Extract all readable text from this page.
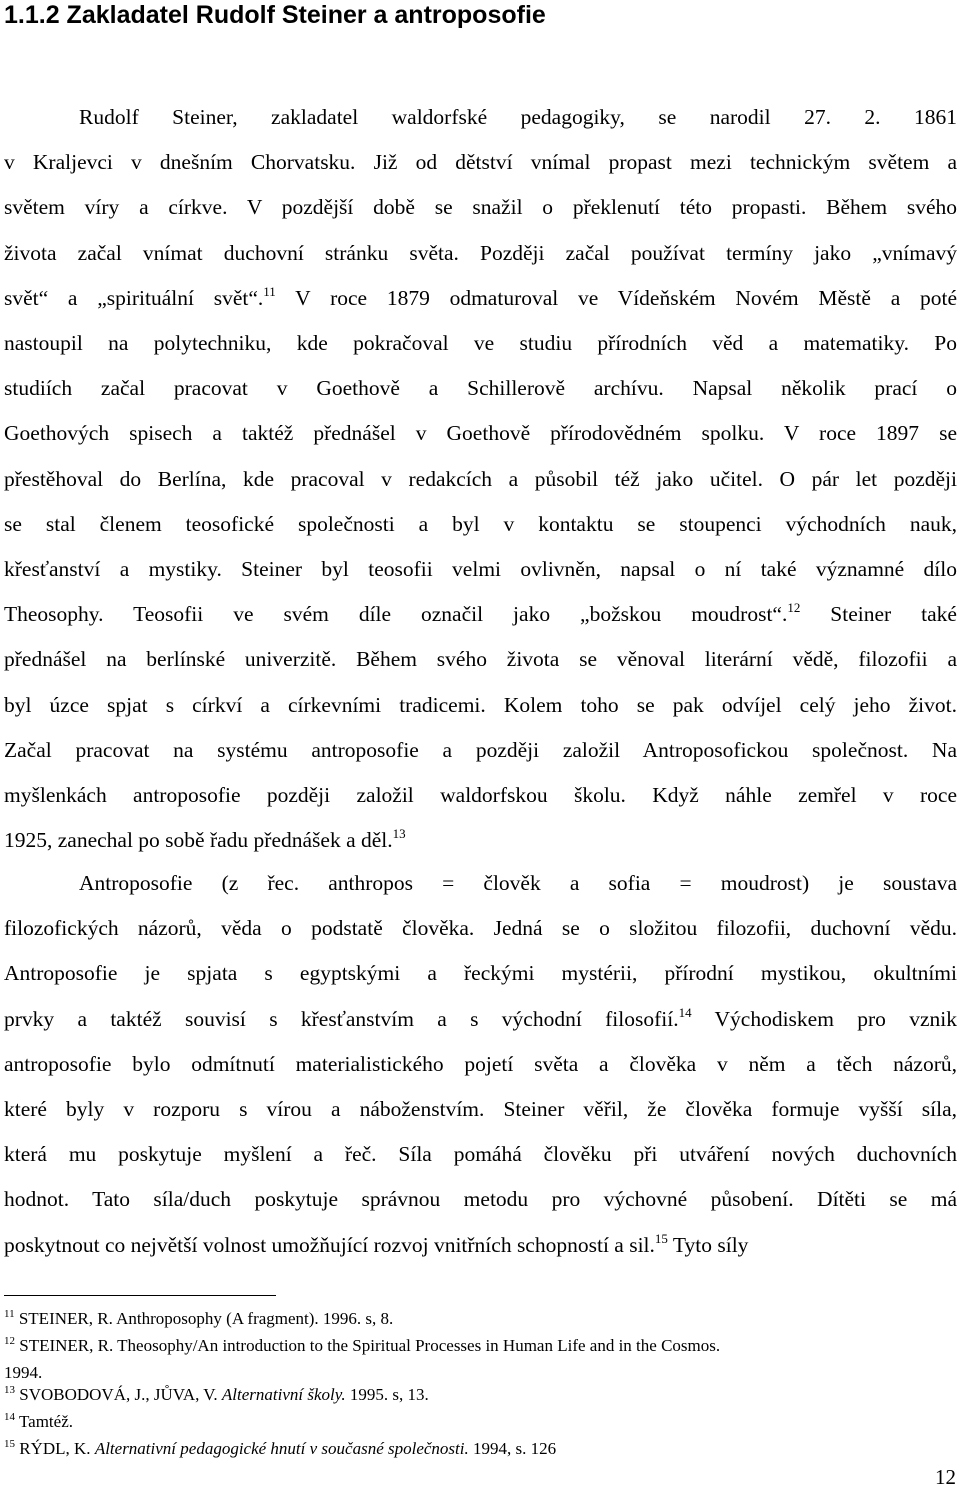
1.1.2 Zakladatel Rudolf Steiner a antroposofie
Rudolf Steiner, zakladatel waldorfské pedagogiky, se narodil 27. 2. 1861
v Kraljevci v dnešním Chorvatsku. Již od dětství vnímal propast mezi technickým světem a
světem víry a církve. V pozdější době se snažil o překlenutí této propasti. Během svého
života začal vnímat duchovní stránku světa. Později začal používat termíny jako „vnímavý
svět“ a „spirituální svět“.$^{11}$ V roce 1879 odmaturoval ve Vídeňském Novém Městě a poté
nastoupil na polytechniku, kde pokračoval ve studiu přírodních věd a matematiky. Po
studiích začal pracovat v Goethově a Schillerově archívu. Napsal několik prací o
Goethových spisech a taktéž přednášel v Goethově přírodovědném spolku. V roce 1897 se
přestěhoval do Berlína, kde pracoval v redakcích a působil též jako učitel. O pár let později
se stal členem teosofické společnosti a byl v kontaktu se stoupenci východních nauk,
křesťanství a mystiky. Steiner byl teosofii velmi ovlivněn, napsal o ní také významné dílo
Theosophy. Teosofii ve svém díle označil jako „božskou moudrost“.$^{12}$ Steiner také
přednášel na berlínské univerzitě. Během svého života se věnoval literární vědě, filozofii a
byl úzce spjat s církví a církevními tradicemi. Kolem toho se pak odvíjel celý jeho život.
Začal pracovat na systému antroposofie a později založil Antroposofickou společnost. Na
myšlenkách antroposofie později založil waldorfskou školu. Když náhle zemřel v roce
1925, zanechal po sobě řadu přednášek a děl.$^{13}$
Antroposofie (z řec. anthropos = člověk a sofia = moudrost) je soustava
filozofických názorů, věda o podstatě člověka. Jedná se o složitou filozofii, duchovní vědu.
Antroposofie je spjata s egyptskými a řeckými mystérii, přírodní mystikou, okultními
prvky a taktéž souvisí s křesťanstvím a s východní filosofií.$^{14}$ Východiskem pro vznik
antroposofie bylo odmítnutí materialistického pojetí světa a člověka v něm a těch názorů,
které byly v rozporu s vírou a náboženstvím. Steiner věřil, že člověka formuje vyšší síla,
která mu poskytuje myšlení a řeč. Síla pomáhá člověku při utváření nových duchovních
hodnot. Tato síla/duch poskytuje správnou metodu pro výchovné působení. Dítěti se má
poskytnout co největší volnost umožňující rozvoj vnitřních schopností a sil.$^{15}$ Tyto síly
$^{11}$ STEINER, R. Anthroposophy (A fragment). 1996. s, 8.
$^{12}$ STEINER, R. Theosophy/An introduction to the Spiritual Processes in Human Life and in the Cosmos.
1994.
$^{13}$ SVOBODOVÁ, J., JŮVA, V. Alternativní školy. 1995. s, 13.
$^{14}$ Tamtéž.
$^{15}$ RÝDL, K. Alternativní pedagogické hnutí v současné společnosti. 1994, s. 126
12
